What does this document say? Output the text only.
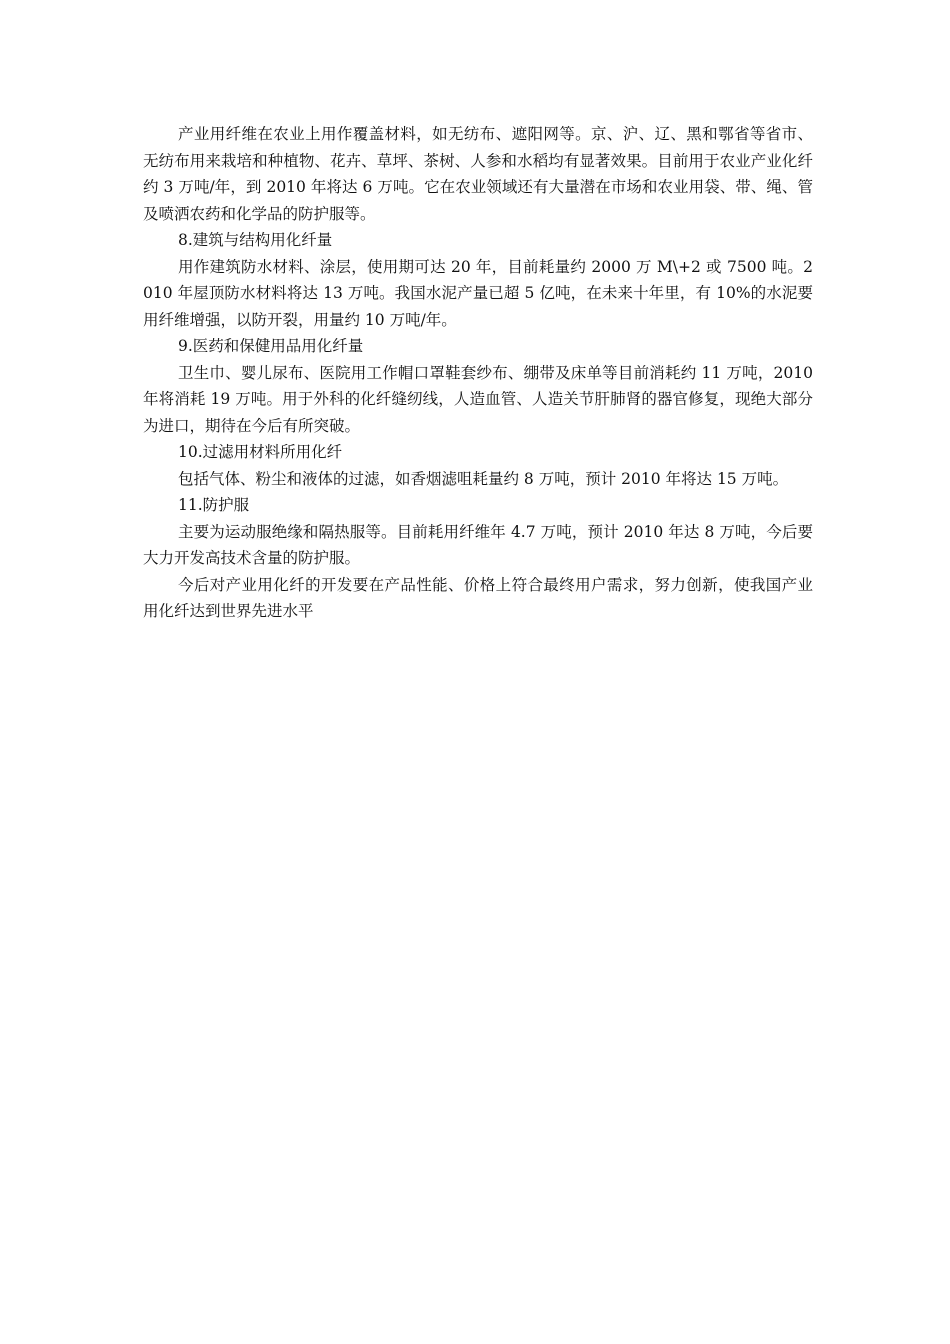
产业用纤维在农业上用作覆盖材料，如无纺布、遮阳网等。京、沪、辽、黑和鄂省等省市、无纺布用来栽培和种植物、花卉、草坪、茶树、人参和水稻均有显著效果。目前用于农业产业化纤约 3 万吨/年，到 2010 年将达 6 万吨。它在农业领域还有大量潜在市场和农业用袋、带、绳、管及喷洒农药和化学品的防护服等。

8.建筑与结构用化纤量

用作建筑防水材料、涂层，使用期可达 20 年，目前耗量约 2000 万 M\+2 或 7500 吨。2010 年屋顶防水材料将达 13 万吨。我国水泥产量已超 5 亿吨，在未来十年里，有 10%的水泥要用纤维增强，以防开裂，用量约 10 万吨/年。

9.医药和保健用品用化纤量

卫生巾、婴儿尿布、医院用工作帽口罩鞋套纱布、绷带及床单等目前消耗约 11 万吨，2010 年将消耗 19 万吨。用于外科的化纤缝纫线，人造血管、人造关节肝肺肾的器官修复，现绝大部分为进口，期待在今后有所突破。

10.过滤用材料所用化纤

包括气体、粉尘和液体的过滤，如香烟滤咀耗量约 8 万吨，预计 2010 年将达 15 万吨。

11.防护服

主要为运动服绝缘和隔热服等。目前耗用纤维年 4.7 万吨，预计 2010 年达 8 万吨，今后要大力开发高技术含量的防护服。

今后对产业用化纤的开发要在产品性能、价格上符合最终用户需求，努力创新，使我国产业用化纤达到世界先进水平
